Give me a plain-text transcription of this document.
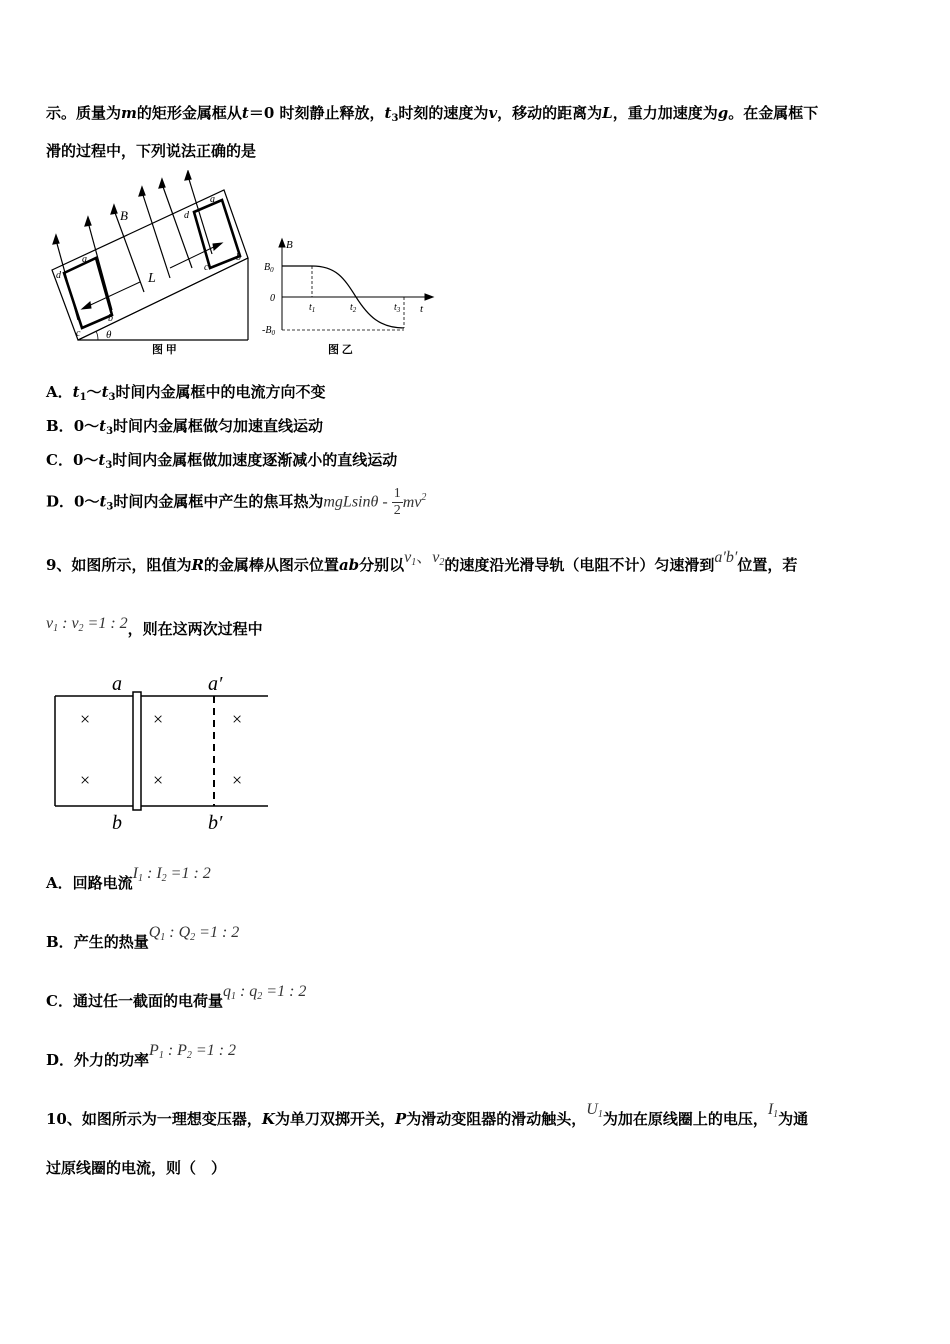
示。质量为m的矩形金属框从t＝0 时刻静止释放，$t_3$时刻的速度为v，移动的距离为L，重力加速度为g。在金属框下
滑的过程中，下列说法正确的是
B
L
d
a
c
b
d
a
c
b
θ
图 甲
B
$B_0$
0
$-B_0$
$t_1$	$t_2$	$t_3$ t
图 乙
A．$t_1\sim t_3$时间内金属框中的电流方向不变
B．$0\sim t_3$时间内金属框做匀加速直线运动
C．$0\sim t_3$时间内金属框做加速度逐渐减小的直线运动
D．$0\sim t_3$时间内金属框中产生的焦耳热为mgLsinθ - $\frac{1}{2} mv^2$
9、如图所示，阻值为R的金属棒从图示位置ab分别以$v_1$、$v_2$的速度沿光滑导轨（电阻不计）匀速滑到a′b′位置，若
$v_1$ : $v_2 =1$ : 2，则在这两次过程中
×	×	×
×	×	×
a	a′
b	b′
A．回路电流$I_1$ : $I_2 =1$ : 2
B．产生的热量$Q_1$ : $Q_2 =1$ : 2
C．通过任一截面的电荷量$q_1$ : $q_2 =1$ : 2
D．外力的功率$P_1$ : $P_2 =1$ : 2
10、如图所示为一理想变压器，K为单刀双掷开关，P为滑动变阻器的滑动触头，$U_1$为加在原线圈上的电压，$I_1$为通
过原线圈的电流，则（　）
